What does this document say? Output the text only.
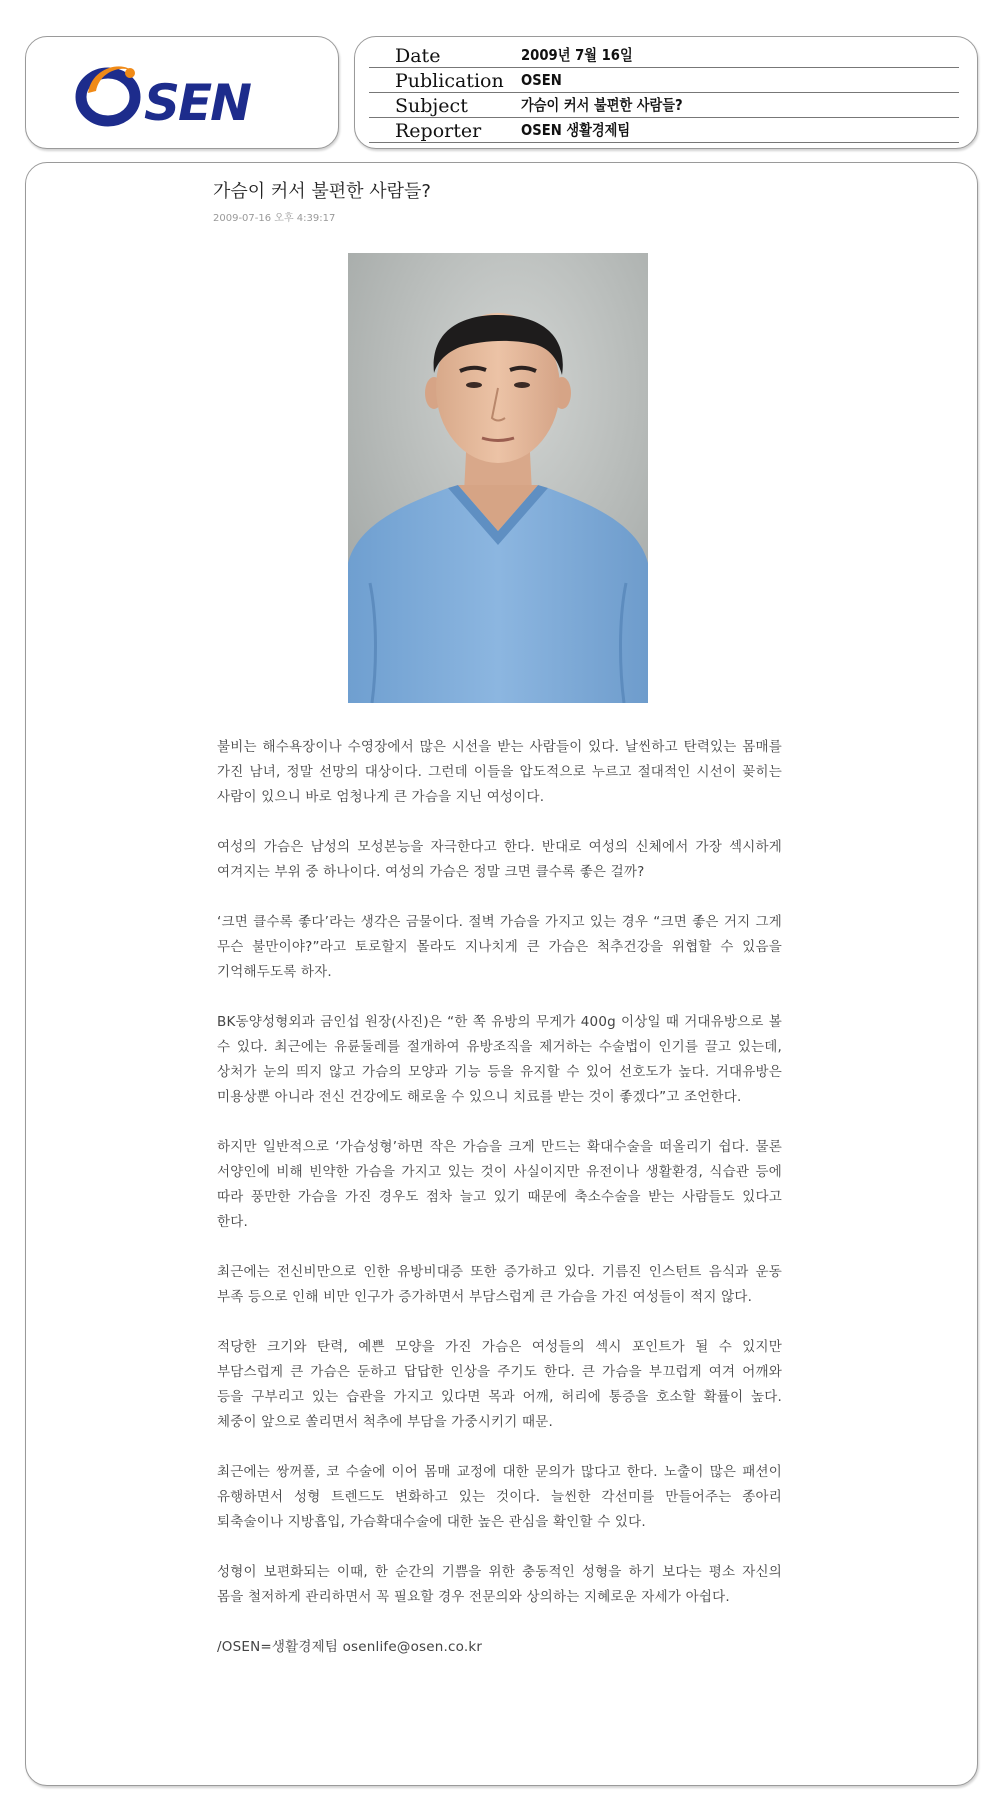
SEN
Date	2009년 7월 16일
Publication OSEN
Subject	가슴이 커서 불편한 사람들?
Reporter	OSEN 생활경제팀
가슴이 커서 불편한 사람들?
2009-07-16 오후 4:39:17

불비는 해수욕장이나 수영장에서 많은 시선을 받는 사람들이 있다. 날씬하고 탄력있는 몸매를 가진 남녀, 정말 선망의 대상이다. 그런데 이들을 압도적으로 누르고 절대적인 시선이 꽂히는 사람이 있으니 바로 엄청나게 큰 가슴을 지닌 여성이다.

여성의 가슴은 남성의 모성본능을 자극한다고 한다. 반대로 여성의 신체에서 가장 섹시하게 여겨지는 부위 중 하나이다. 여성의 가슴은 정말 크면 클수록 좋은 걸까?

‘크면 클수록 좋다’라는 생각은 금물이다. 절벽 가슴을 가지고 있는 경우 “크면 좋은 거지 그게 무슨 불만이야?”라고 토로할지 몰라도 지나치게 큰 가슴은 척추건강을 위협할 수 있음을 기억해두도록 하자.

BK동양성형외과 금인섭 원장(사진)은 “한 쪽 유방의 무게가 400g 이상일 때 거대유방으로 볼 수 있다. 최근에는 유륜둘레를 절개하여 유방조직을 제거하는 수술법이 인기를 끌고 있는데, 상처가 눈의 띄지 않고 가슴의 모양과 기능 등을 유지할 수 있어 선호도가 높다. 거대유방은 미용상뿐 아니라 전신 건강에도 해로울 수 있으니 치료를 받는 것이 좋겠다”고 조언한다.

하지만 일반적으로 ‘가슴성형’하면 작은 가슴을 크게 만드는 확대수술을 떠올리기 쉽다. 물론 서양인에 비해 빈약한 가슴을 가지고 있는 것이 사실이지만 유전이나 생활환경, 식습관 등에 따라 풍만한 가슴을 가진 경우도 점차 늘고 있기 때문에 축소수술을 받는 사람들도 있다고 한다.

최근에는 전신비만으로 인한 유방비대증 또한 증가하고 있다. 기름진 인스턴트 음식과 운동 부족 등으로 인해 비만 인구가 증가하면서 부담스럽게 큰 가슴을 가진 여성들이 적지 않다.

적당한 크기와 탄력, 예쁜 모양을 가진 가슴은 여성들의 섹시 포인트가 될 수 있지만 부담스럽게 큰 가슴은 둔하고 답답한 인상을 주기도 한다. 큰 가슴을 부끄럽게 여겨 어깨와 등을 구부리고 있는 습관을 가지고 있다면 목과 어깨, 허리에 통증을 호소할 확률이 높다. 체중이 앞으로 쏠리면서 척추에 부담을 가중시키기 때문.

최근에는 쌍꺼풀, 코 수술에 이어 몸매 교정에 대한 문의가 많다고 한다. 노출이 많은 패션이 유행하면서 성형 트렌드도 변화하고 있는 것이다. 늘씬한 각선미를 만들어주는 종아리 퇴축술이나 지방흡입, 가슴확대수술에 대한 높은 관심을 확인할 수 있다.

성형이 보편화되는 이때, 한 순간의 기쁨을 위한 충동적인 성형을 하기 보다는 평소 자신의 몸을 철저하게 관리하면서 꼭 필요할 경우 전문의와 상의하는 지혜로운 자세가 아쉽다.

/OSEN=생활경제팀 osenlife@osen.co.kr
